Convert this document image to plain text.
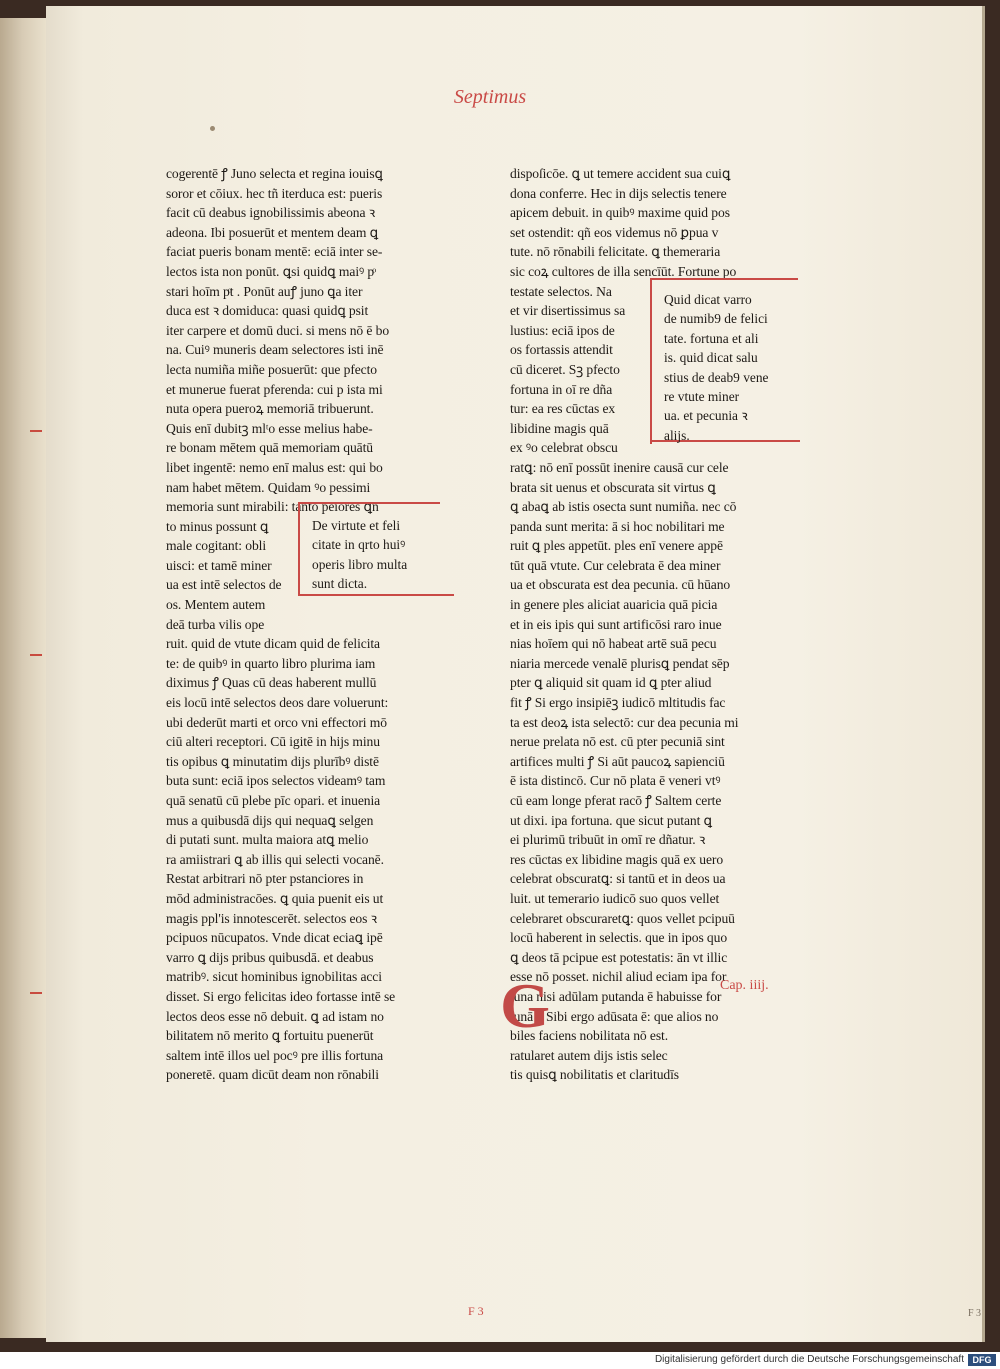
Septimus
cogerentē ꝭ Juno selecta et regina iouisꝗ
soror et cōiux. hec tñ iterduca est: pueris
facit cū deabus ignobilissimis abeona ꝛ
adeona. Ibi posuerūt et mentem deam ꝗ
faciat pueris bonam mentē: eciā inter se-
lectos ista non ponūt. ꝗsi quidꝗ maiꝰ pͦ
stari hoīm pͦt . Ponūt auꝭ juno ꝗa iter
duca est ꝛ domiduca: quasi quidꝗ psit
iter carpere et domū duci. si mens nō ē bo
na. Cuiꝰ muneris deam selectores isti inē
lecta numiña miñe posuerūt: que pfecto
et munerue fuerat pferenda: cui p ista mi
nuta opera pueroꝝ memoriā tribuerunt.
Quis enī dubitꝫ mlᵗo esse melius habe-
re bonam mētem quā memoriam quātū
libet ingentē: nemo enī malus est: qui bo
nam habet mētem. Quidam ꝰo pessimi
memoria sunt mirabili: tanto peiores ꝗn
to minus possunt ꝗ
male cogitant: obli
uisci: et tamē miner
ua est intē selectos de
os. Mentem autem
deā turba vilis ope
ruit. quid de vtute dicam quid de felicita
te: de quibꝰ in quarto libro plurima iam
diximus ꝭ Quas cū deas haberent mullū
eis locū intē selectos deos dare voluerunt:
ubi dederūt marti et orco vni effectori mō
ciū alteri receptori. Cū igitē in hijs minu
tis opibus ꝗ minutatim dijs plurībꝰ distē
buta sunt: eciā ipos selectos videamꝰ tam
quā senatū cū plebe pīc opari. et inuenia
mus a quibusdā dijs qui nequaꝗ selgen
di putati sunt. multa maiora atꝗ melio
ra amiistrari ꝗ ab illis qui selecti vocanē.
Restat arbitrari nō pter pstanciores in
mōd administracōes. ꝗ quia puenit eis ut
magis ppl'is innotescerēt. selectos eos ꝛ
pcipuos nūcupatos. Vnde dicat eciaꝗ ipē
varro ꝗ dijs pribus quibusdā. et deabus
matribꝰ. sicut hominibus ignobilitas acci
disset. Si ergo felicitas ideo fortasse intē se
lectos deos esse nō debuit. ꝗ ad istam no
bilitatem nō merito ꝗ fortuitu puenerūt
saltem intē illos uel pocꝰ pre illis fortuna
poneretē. quam dicūt deam non rōnabili
De virtute et feli
citate in qrto huiꝰ
operis libro multa
sunt dicta.
dispoſicōe. ꝗ ut temere accident sua cuiꝗ
dona conferre. Hec in dijs selectis tenere
apicem debuit. in quibꝰ maxime quid pos
set ostendit: qñ eos videmus nō ꝑpua v
tute. nō rōnabili felicitate. ꝗ themeraria
sic coꝝ cultores de illa sencīūt. Fortune po
testate selectos. Na
et vir disertissimus sa
lustius: eciā ipos de
os fortassis attendit
cū diceret. Sꝫ pfecto
fortuna in oī re dña
tur: ea res cūctas ex
libidine magis quā
ex ꝰo celebrat obscu
ratꝗ: nō enī possūt inenire causā cur cele
brata sit uenus et obscurata sit virtus ꝗ
ꝗ abaꝗ ab istis osecta sunt numiña. nec cō
panda sunt merita: ā si hoc nobilitari me
ruit ꝗ ples appetūt. ples enī venere appē
tūt quā vtute. Cur celebrata ē dea miner
ua et obscurata est dea pecunia. cū hūano
in genere ples aliciat auaricia quā picia
et in eis ipis qui sunt artificōsi raro inue
nias hoīem qui nō habeat artē suā pecu
niaria mercede venalē plurisꝗ pendat sēp
pter ꝗ aliquid sit quam id ꝗ pter aliud
fit ꝭ Si ergo insipiēꝫ iudicō mltitudis fac
ta est deoꝝ ista selectō: cur dea pecunia mi
nerue prelata nō est. cū pter pecuniā sint
artifices multi ꝭ Si aūt paucoꝝ sapienciū
ē ista distincō. Cur nō plata ē veneri vtꝰ
cū eam longe pferat racō ꝭ Saltem certe
ut dixi. ipa fortuna. que sicut putant ꝗ
ei plurimū tribuūt in omī re dñatur. ꝛ
res cūctas ex libidine magis quā ex uero
celebrat obscuratꝗ: si tantū et in deos ua
luit. ut temerario iudicō suo quos vellet
celebraret obscuraretꝗ: quos vellet pcipuū
locū haberent in selectis. que in ipos quo
ꝗ deos tā pcipue est potestatis: ān vt illic
esse nō posset. nichil aliud eciam ipa for
tuna nisi adūlam putanda ē habuisse for
tunā ꝭ Sibi ergo adūsata ē: que alios no
biles faciens nobilitata nō est.
ratularet autem dijs istis selec
tis quisꝗ nobilitatis et claritudīs
Quid dicat varro
de numib9 de felici
tate. fortuna et ali
is. quid dicat salu
stius de deab9 vene
re vtute miner
ua. et pecunia ꝛ
alijs.
G	Cap. iiij.
F 3	F 3
Digitalisierung gefördert durch die Deutsche Forschungsgemeinschaft DFG
